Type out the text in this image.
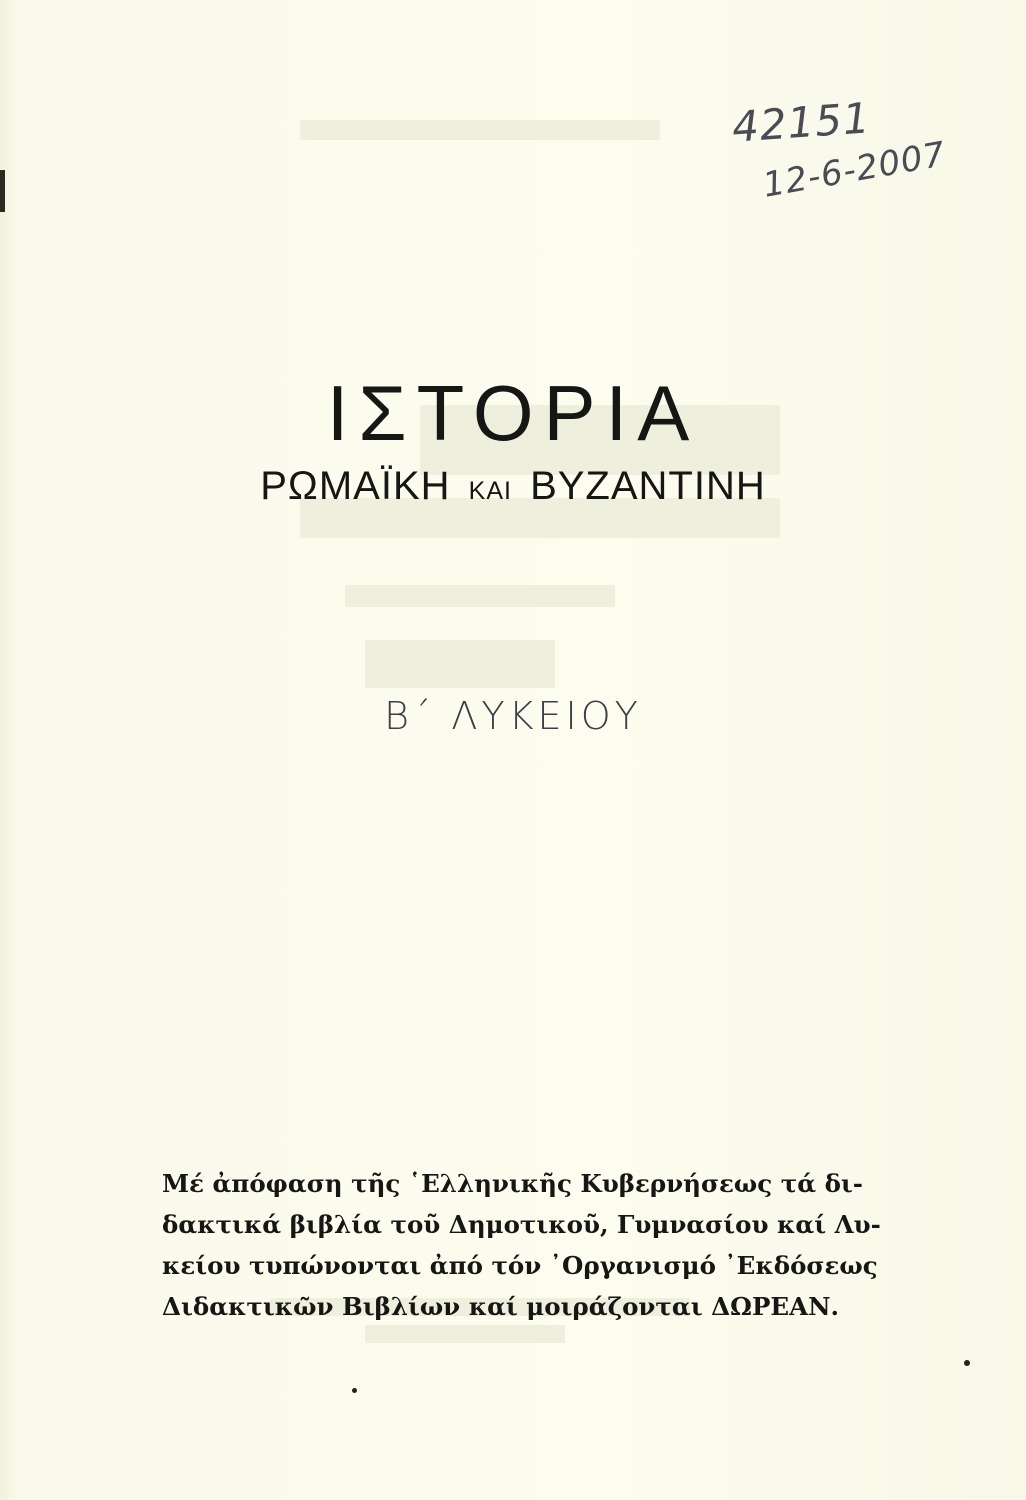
42151
12-6-2007
ΙΣΤΟΡΙΑ
ΡΩΜΑΪΚΗ ΚΑΙ ΒΥΖΑΝΤΙΝΗ
Β΄ ΛΥΚΕΙΟΥ
Μέ ἀπόφαση τῆς ῾Ελληνικῆς Κυβερνήσεως τά δι-
δακτικά βιβλία τοῦ Δημοτικοῦ, Γυμνασίου καί Λυ-
κείου τυπώνονται ἀπό τόν ᾿Οργανισμό ᾿Εκδόσεως
Διδακτικῶν Βιβλίων καί μοιράζονται ΔΩΡΕΑΝ.
